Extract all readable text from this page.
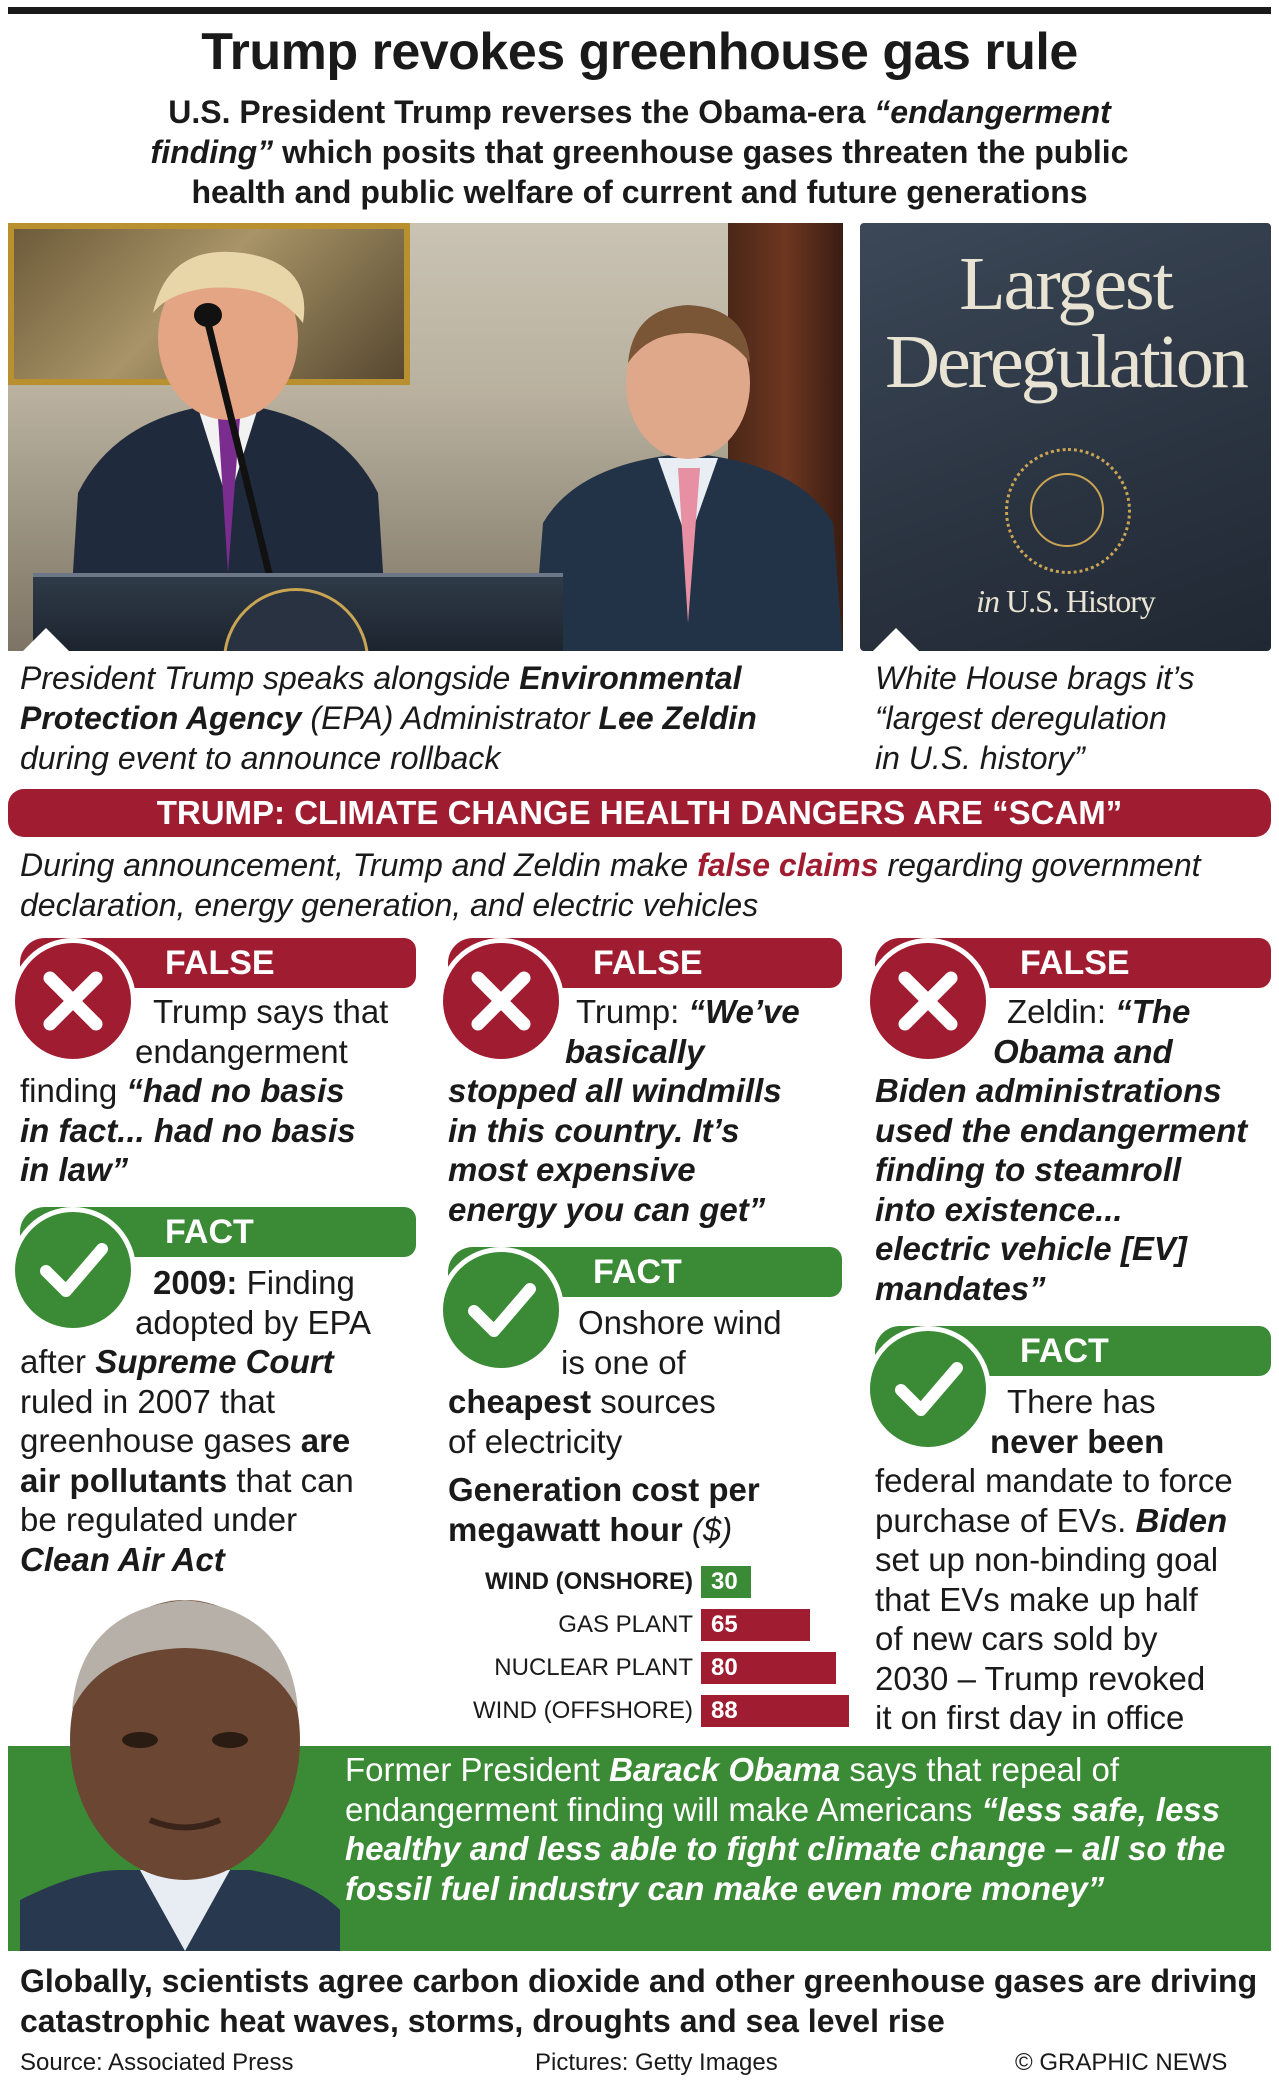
Trump revokes greenhouse gas rule
U.S. President Trump reverses the Obama-era “endangerment
finding” which posits that greenhouse gases threaten the public
health and public welfare of current and future generations
Largest
Deregulation
in U.S. History
President Trump speaks alongside Environmental Protection Agency (EPA) Administrator Lee Zeldin during event to announce rollback
White House brags it’s
“largest deregulation
in U.S. history”
TRUMP: CLIMATE CHANGE HEALTH DANGERS ARE “SCAM”
During announcement, Trump and Zeldin make false claims regarding government declaration, energy generation, and electric vehicles
FALSE
Trump says that
endangerment
finding “had no basis
in fact... had no basis
in law”
FACT
2009: Finding
adopted by EPA
after Supreme Court
ruled in 2007 that
greenhouse gases are
air pollutants that can
be regulated under
Clean Air Act
FALSE
Trump: “We’ve
basically
stopped all windmills
in this country. It’s
most expensive
energy you can get”
FACT
Onshore wind
is one of
cheapest sources
of electricity
Generation cost per megawatt hour ($)
WIND (ONSHORE) 30
GAS PLANT 65
NUCLEAR PLANT 80
WIND (OFFSHORE) 88
FALSE
Zeldin: “The
Obama and
Biden administrations
used the endangerment
finding to steamroll
into existence...
electric vehicle [EV]
mandates”
FACT
There has
never been
federal mandate to force
purchase of EVs. Biden
set up non-binding goal
that EVs make up half
of new cars sold by
2030 – Trump revoked
it on first day in office
Former President Barack Obama says that repeal of endangerment finding will make Americans “less safe, less healthy and less able to fight climate change – all so the fossil fuel industry can make even more money”
Globally, scientists agree carbon dioxide and other greenhouse gases are driving catastrophic heat waves, storms, droughts and sea level rise
Source: Associated Press	Pictures: Getty Images	© GRAPHIC NEWS
